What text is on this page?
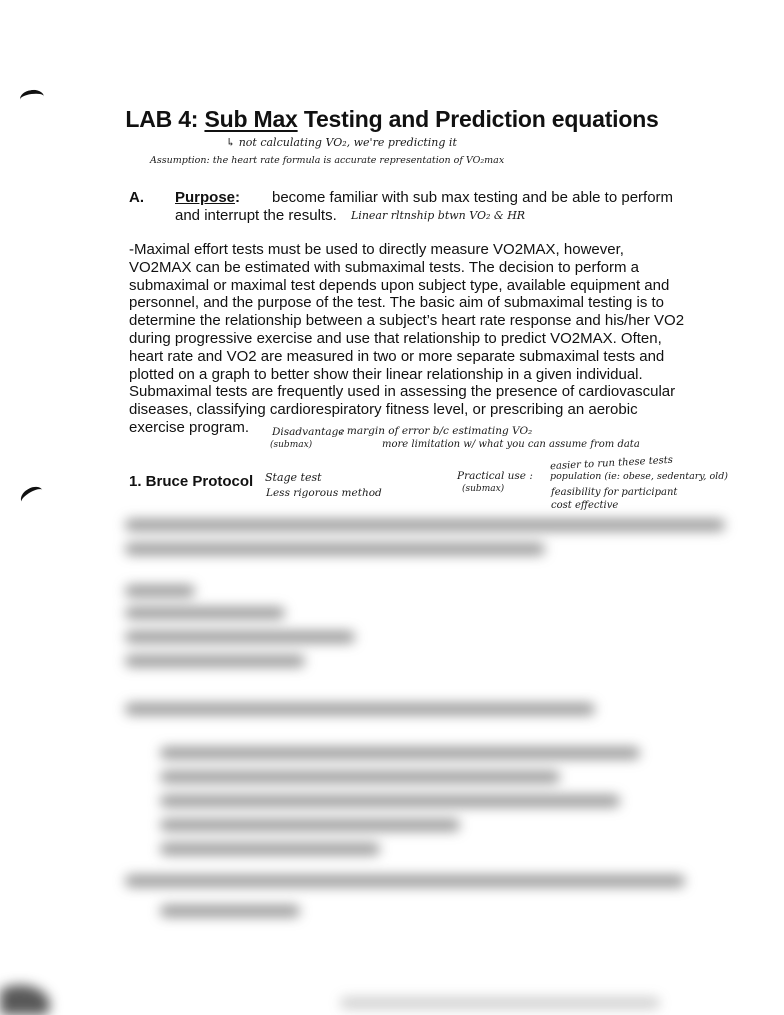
LAB 4: Sub Max Testing and Prediction equations
↳ not calculating VO₂, we're predicting it
Assumption: the heart rate formula is accurate representation of VO₂max
A. Purpose: become familiar with sub max testing and be able to perform
and interrupt the results. Linear rltnship btwn VO₂ & HR
-Maximal effort tests must be used to directly measure VO2MAX, however,
VO2MAX can be estimated with submaximal tests. The decision to perform a
submaximal or maximal test depends upon subject type, available equipment and
personnel, and the purpose of the test. The basic aim of submaximal testing is to
determine the relationship between a subject’s heart rate response and his/her VO2
during progressive exercise and use that relationship to predict VO2MAX. Often,
heart rate and VO2 are measured in two or more separate submaximal tests and
plotted on a graph to better show their linear relationship in a given individual.
Submaximal tests are frequently used in assessing the presence of cardiovascular
diseases, classifying cardiorespiratory fitness level, or prescribing an aerobic
exercise program.	Disadvantage
(submax)
: margin of error b/c estimating VO₂
more limitation w/ what you can assume from data
1. Bruce Protocol Stage test
Less rigorous method
Practical use :
(submax)
easier to run these tests
population (ie: obese, sedentary, old)
feasibility for participant
cost effective
